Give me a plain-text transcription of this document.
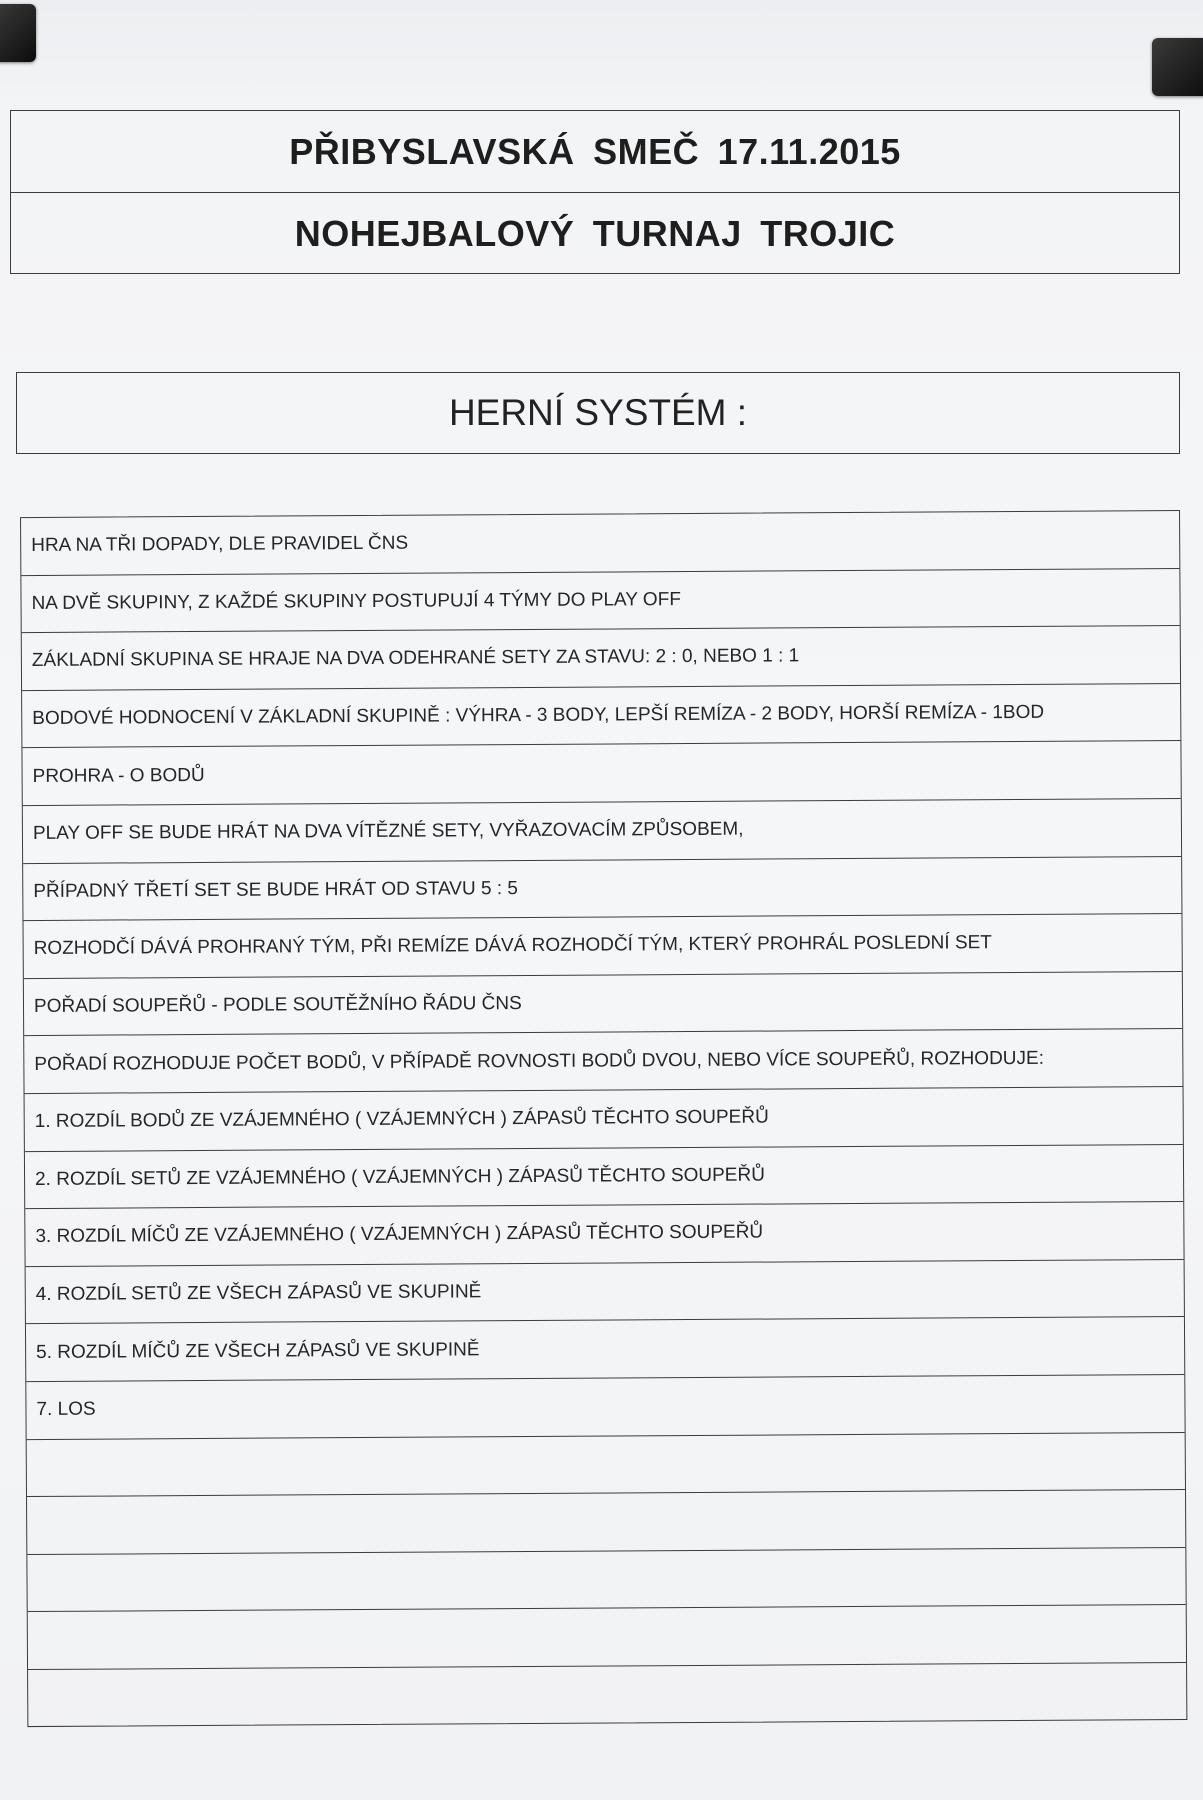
PŘIBYSLAVSKÁ SMEČ 17.11.2015
NOHEJBALOVÝ TURNAJ TROJIC
HERNÍ SYSTÉM :
HRA NA TŘI DOPADY, DLE PRAVIDEL ČNS
NA DVĚ SKUPINY, Z KAŽDÉ SKUPINY POSTUPUJÍ 4 TÝMY DO PLAY OFF
ZÁKLADNÍ SKUPINA SE HRAJE NA DVA ODEHRANÉ SETY ZA STAVU: 2 : 0, NEBO 1 : 1
BODOVÉ HODNOCENÍ V ZÁKLADNÍ SKUPINĚ : VÝHRA - 3 BODY, LEPŠÍ REMÍZA - 2 BODY, HORŠÍ REMÍZA - 1BOD
PROHRA - O BODŮ
PLAY OFF SE BUDE HRÁT NA DVA VÍTĚZNÉ SETY, VYŘAZOVACÍM ZPŮSOBEM,
PŘÍPADNÝ TŘETÍ SET SE BUDE HRÁT OD STAVU 5 : 5
ROZHODČÍ DÁVÁ PROHRANÝ TÝM, PŘI REMÍZE DÁVÁ ROZHODČÍ TÝM, KTERÝ PROHRÁL POSLEDNÍ SET
POŘADÍ SOUPEŘŮ - PODLE SOUTĚŽNÍHO ŘÁDU ČNS
POŘADÍ ROZHODUJE POČET BODŮ, V PŘÍPADĚ ROVNOSTI BODŮ DVOU, NEBO VÍCE SOUPEŘŮ, ROZHODUJE:
1. ROZDÍL BODŮ ZE VZÁJEMNÉHO ( VZÁJEMNÝCH ) ZÁPASŮ TĚCHTO SOUPEŘŮ
2. ROZDÍL SETŮ ZE VZÁJEMNÉHO ( VZÁJEMNÝCH ) ZÁPASŮ TĚCHTO SOUPEŘŮ
3. ROZDÍL MÍČŮ ZE VZÁJEMNÉHO ( VZÁJEMNÝCH ) ZÁPASŮ TĚCHTO SOUPEŘŮ
4. ROZDÍL SETŮ ZE VŠECH ZÁPASŮ VE SKUPINĚ
5. ROZDÍL MÍČŮ ZE VŠECH ZÁPASŮ VE SKUPINĚ
7. LOS
